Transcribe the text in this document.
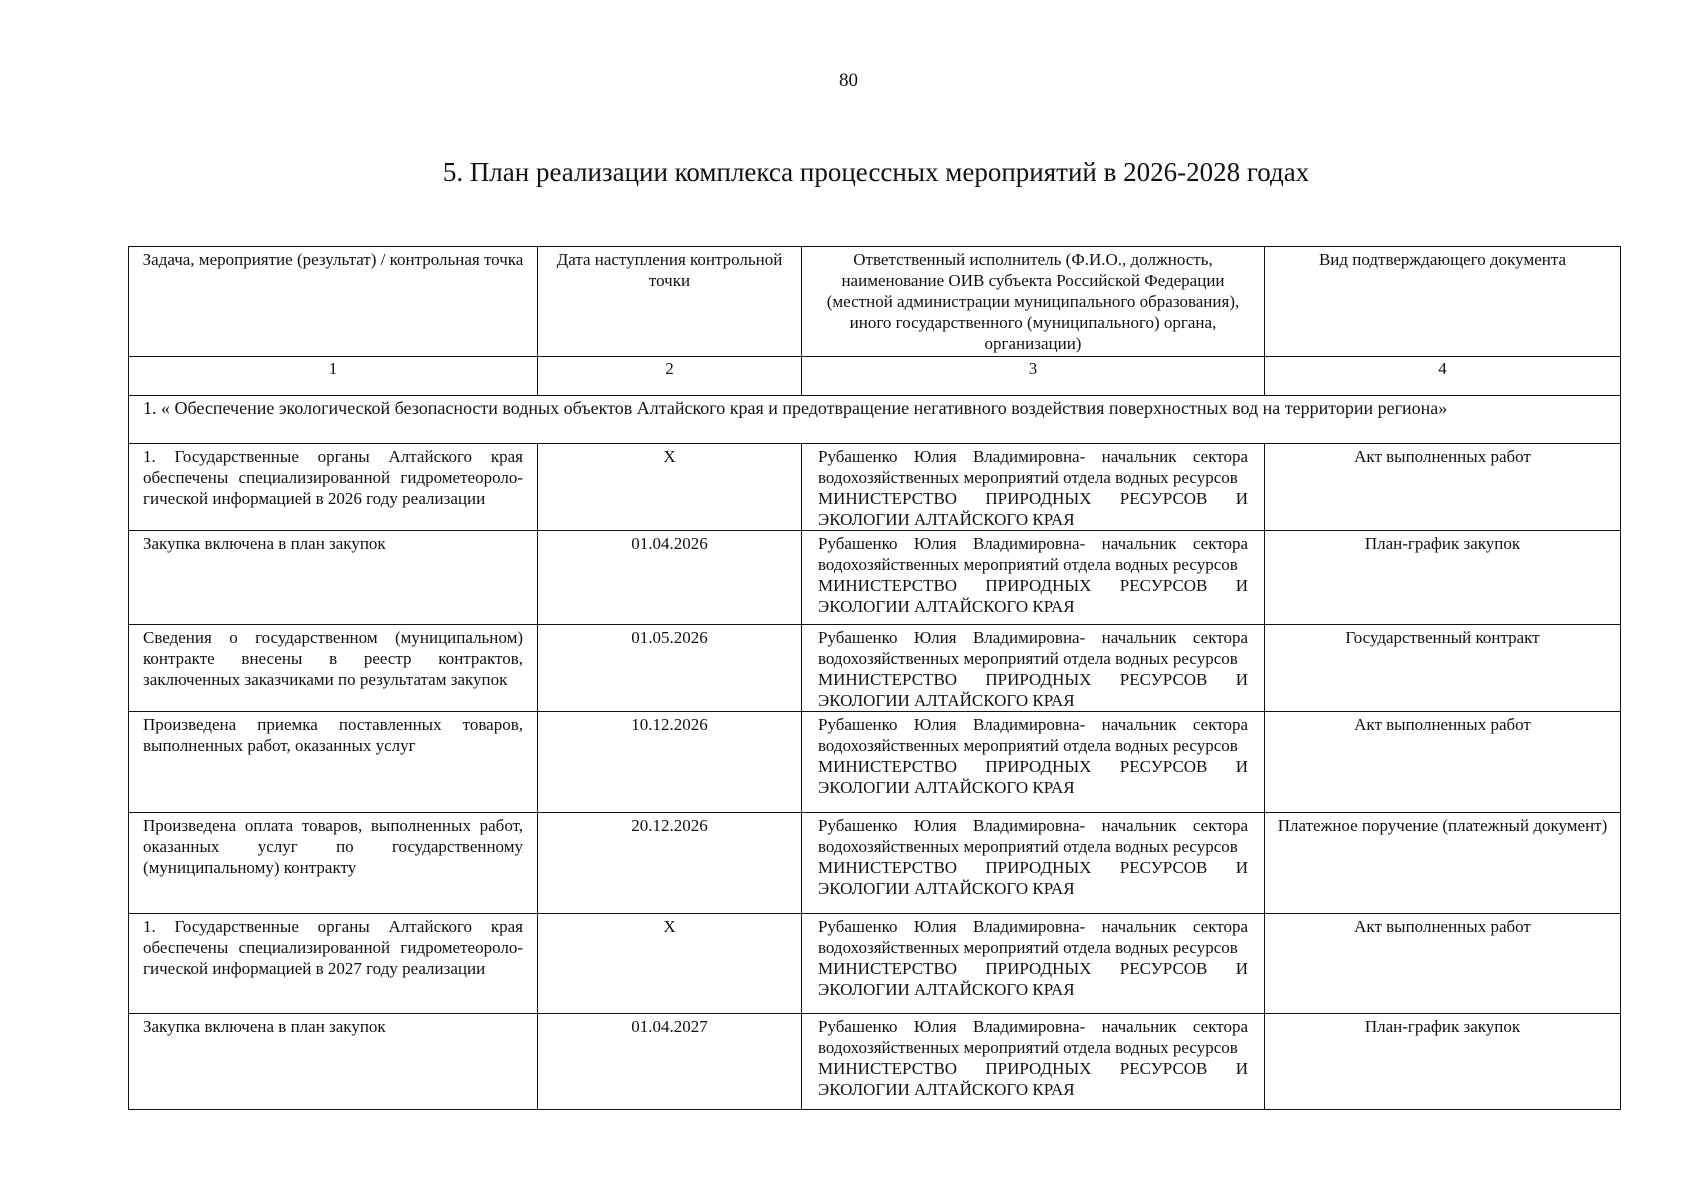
80
5. План реализации комплекса процессных мероприятий в 2026-2028 годах
Задача, мероприятие (результат) / контрольная точка	Дата наступления контрольной точки	Ответственный исполнитель (Ф.И.О., должность, наименование ОИВ субъекта Российской Федерации (местной администрации муниципального образования), иного государственного (муниципального) органа, организации)	Вид подтверждающего документа
1	2	3	4
1. « Обеспечение экологической безопасности водных объектов Алтайского края и предотвращение негативного воздействия поверхностных вод на территории региона»			
1. Государственные органы Алтайского края обеспечены специализированной гидрометеороло-гической информацией в 2026 году реализации	X	Рубашенко Юлия Владимировна- начальник сектора
водохозяйственных мероприятий отдела водных ресурсов
МИНИСТЕРСТВО ПРИРОДНЫХ РЕСУРСОВ И
ЭКОЛОГИИ АЛТАЙСКОГО КРАЯ	Акт выполненных работ
Закупка включена в план закупок	01.04.2026	Рубашенко Юлия Владимировна- начальник сектора
водохозяйственных мероприятий отдела водных ресурсов
МИНИСТЕРСТВО ПРИРОДНЫХ РЕСУРСОВ И
ЭКОЛОГИИ АЛТАЙСКОГО КРАЯ	План-график закупок
Сведения о государственном (муниципальном) контракте внесены в реестр контрактов, заключенных заказчиками по результатам закупок	01.05.2026	Рубашенко Юлия Владимировна- начальник сектора
водохозяйственных мероприятий отдела водных ресурсов
МИНИСТЕРСТВО ПРИРОДНЫХ РЕСУРСОВ И
ЭКОЛОГИИ АЛТАЙСКОГО КРАЯ	Государственный контракт
Произведена приемка поставленных товаров, выполненных работ, оказанных услуг	10.12.2026	Рубашенко Юлия Владимировна- начальник сектора
водохозяйственных мероприятий отдела водных ресурсов
МИНИСТЕРСТВО ПРИРОДНЫХ РЕСУРСОВ И
ЭКОЛОГИИ АЛТАЙСКОГО КРАЯ	Акт выполненных работ
Произведена оплата товаров, выполненных работ, оказанных услуг по государственному (муниципальному) контракту	20.12.2026	Рубашенко Юлия Владимировна- начальник сектора
водохозяйственных мероприятий отдела водных ресурсов
МИНИСТЕРСТВО ПРИРОДНЫХ РЕСУРСОВ И
ЭКОЛОГИИ АЛТАЙСКОГО КРАЯ	Платежное поручение (платежный документ)
1. Государственные органы Алтайского края обеспечены специализированной гидрометеороло-гической информацией в 2027 году реализации	X	Рубашенко Юлия Владимировна- начальник сектора
водохозяйственных мероприятий отдела водных ресурсов
МИНИСТЕРСТВО ПРИРОДНЫХ РЕСУРСОВ И
ЭКОЛОГИИ АЛТАЙСКОГО КРАЯ	Акт выполненных работ
Закупка включена в план закупок	01.04.2027	Рубашенко Юлия Владимировна- начальник сектора
водохозяйственных мероприятий отдела водных ресурсов
МИНИСТЕРСТВО ПРИРОДНЫХ РЕСУРСОВ И
ЭКОЛОГИИ АЛТАЙСКОГО КРАЯ	План-график закупок
